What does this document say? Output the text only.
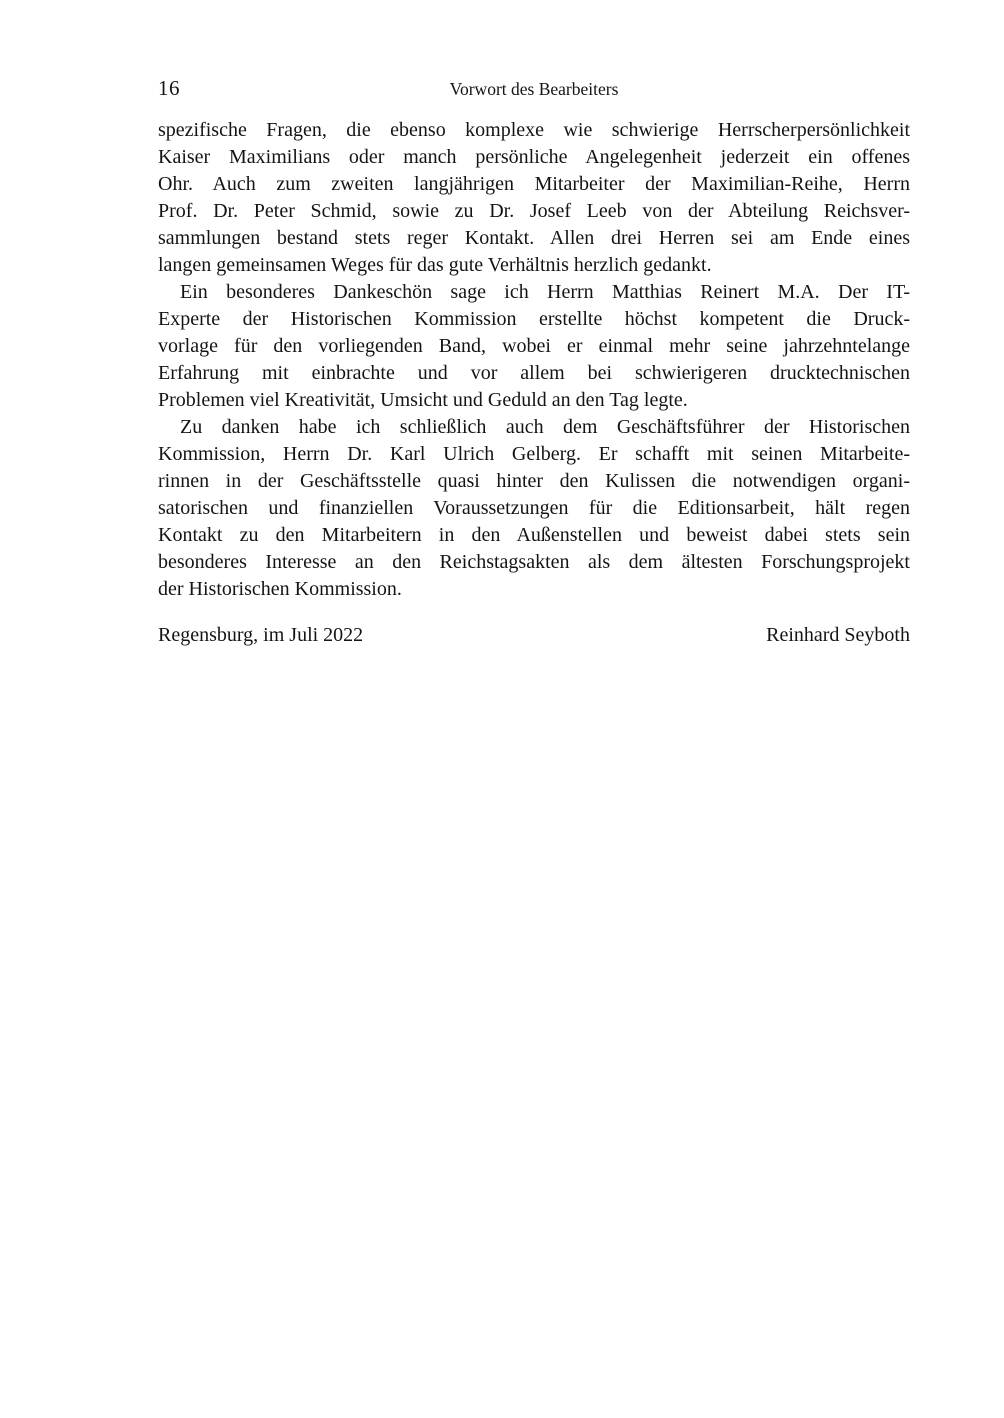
16	Vorwort des Bearbeiters
spezifische Fragen, die ebenso komplexe wie schwierige Herrscherpersönlichkeit
Kaiser Maximilians oder manch persönliche Angelegenheit jederzeit ein offenes
Ohr. Auch zum zweiten langjährigen Mitarbeiter der Maximilian-Reihe, Herrn
Prof. Dr. Peter Schmid, sowie zu Dr. Josef Leeb von der Abteilung Reichsver-
sammlungen bestand stets reger Kontakt. Allen drei Herren sei am Ende eines
langen gemeinsamen Weges für das gute Verhältnis herzlich gedankt.
Ein besonderes Dankeschön sage ich Herrn Matthias Reinert M.A. Der IT-
Experte der Historischen Kommission erstellte höchst kompetent die Druck-
vorlage für den vorliegenden Band, wobei er einmal mehr seine jahrzehntelange
Erfahrung mit einbrachte und vor allem bei schwierigeren drucktechnischen
Problemen viel Kreativität, Umsicht und Geduld an den Tag legte.
Zu danken habe ich schließlich auch dem Geschäftsführer der Historischen
Kommission, Herrn Dr. Karl Ulrich Gelberg. Er schafft mit seinen Mitarbeite-
rinnen in der Geschäftsstelle quasi hinter den Kulissen die notwendigen organi-
satorischen und finanziellen Voraussetzungen für die Editionsarbeit, hält regen
Kontakt zu den Mitarbeitern in den Außenstellen und beweist dabei stets sein
besonderes Interesse an den Reichstagsakten als dem ältesten Forschungsprojekt
der Historischen Kommission.
Regensburg, im Juli 2022	Reinhard Seyboth
